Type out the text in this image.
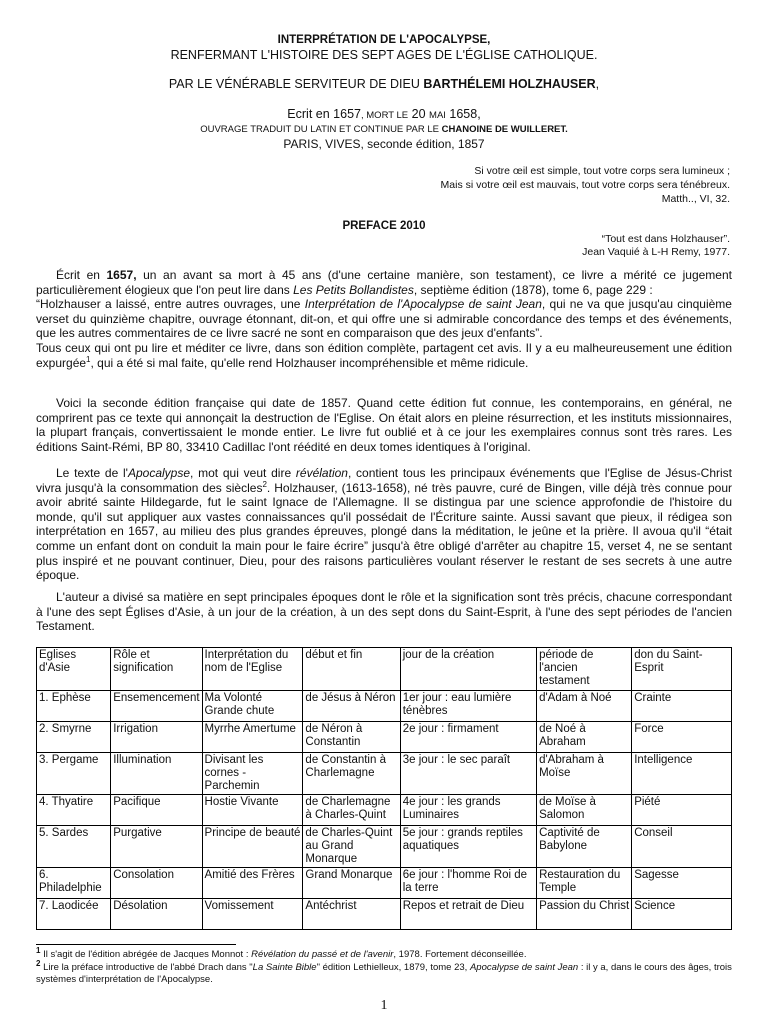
INTERPRÉTATION DE L'APOCALYPSE,
RENFERMANT L'HISTOIRE DES SEPT AGES DE L'ÉGLISE CATHOLIQUE.
PAR LE VÉNÉRABLE SERVITEUR DE DIEU BARTHÉLEMI HOLZHAUSER,
Ecrit en 1657, MORT LE 20 MAI 1658,
OUVRAGE TRADUIT DU LATIN ET CONTINUE PAR LE CHANOINE DE WUILLERET.
PARIS, VIVES, seconde édition, 1857
Si votre œil est simple, tout votre corps sera lumineux ;
Mais si votre œil est mauvais, tout votre corps sera ténébreux.
Matth.., VI, 32.
PREFACE 2010
“Tout est dans Holzhauser”.
Jean Vaquié à L-H Remy, 1977.

Écrit en 1657, un an avant sa mort à 45 ans (d'une certaine manière, son testament), ce livre a mérité ce jugement particulièrement élogieux que l'on peut lire dans Les Petits Bollandistes, septième édition (1878), tome 6, page 229 :

“Holzhauser a laissé, entre autres ouvrages, une Interprétation de l'Apocalypse de saint Jean, qui ne va que jusqu'au cinquième verset du quinzième chapitre, ouvrage étonnant, dit-on, et qui offre une si admirable concordance des temps et des événements, que les autres commentaires de ce livre sacré ne sont en comparaison que des jeux d'enfants”.

Tous ceux qui ont pu lire et méditer ce livre, dans son édition complète, partagent cet avis. Il y a eu malheureusement une édition expurgée$^1$, qui a été si mal faite, qu'elle rend Holzhauser incompréhensible et même ridicule.

Voici la seconde édition française qui date de 1857. Quand cette édition fut connue, les contemporains, en général, ne comprirent pas ce texte qui annonçait la destruction de l'Eglise. On était alors en pleine résurrection, et les instituts missionnaires, la plupart français, convertissaient le monde entier. Le livre fut oublié et à ce jour les exemplaires connus sont très rares. Les éditions Saint-Rémi, BP 80, 33410 Cadillac l'ont réédité en deux tomes identiques à l'original.

Le texte de l'Apocalypse, mot qui veut dire révélation, contient tous les principaux événements que l'Eglise de Jésus-Christ vivra jusqu'à la consommation des siècles$^2$. Holzhauser, (1613-1658), né très pauvre, curé de Bingen, ville déjà très connue pour avoir abrité sainte Hildegarde, fut le saint Ignace de l'Allemagne. Il se distingua par une science approfondie de l'histoire du monde, qu'il sut appliquer aux vastes connaissances qu'il possédait de l'Écriture sainte. Aussi savant que pieux, il rédigea son interprétation en 1657, au milieu des plus grandes épreuves, plongé dans la méditation, le jeûne et la prière. Il avoua qu'il “était comme un enfant dont on conduit la main pour le faire écrire” jusqu'à être obligé d'arrêter au chapitre 15, verset 4, ne se sentant plus inspiré et ne pouvant continuer, Dieu, pour des raisons particulières voulant réserver le restant de ses secrets à une autre époque.

L'auteur a divisé sa matière en sept principales époques dont le rôle et la signification sont très précis, chacune correspondant à l'une des sept Églises d'Asie, à un jour de la création, à un des sept dons du Saint-Esprit, à l'une des sept périodes de l'ancien Testament.

Eglises d'Asie	Rôle et signification	Interprétation du nom de l'Eglise	début et fin	jour de la création	période de l'ancien testament	don du Saint-Esprit
1. Ephèse	Ensemencement	Ma Volonté Grande chute	de Jésus à Néron	1er jour : eau lumière ténèbres	d'Adam à Noé	Crainte
2. Smyrne	Irrigation	Myrrhe Amertume	de Néron à Constantin	2e jour : firmament	de Noé à Abraham	Force
3. Pergame	Illumination	Divisant les cornes - Parchemin	de Constantin à Charlemagne	3e jour : le sec paraît	d'Abraham à Moïse	Intelligence
4. Thyatire	Pacifique	Hostie Vivante	de Charlemagne à Charles-Quint	4e jour : les grands Luminaires	de Moïse à Salomon	Piété
5. Sardes	Purgative	Principe de beauté	de Charles-Quint au Grand Monarque	5e jour : grands reptiles aquatiques	Captivité de Babylone	Conseil
6. Philadelphie	Consolation	Amitié des Frères	Grand Monarque	6e jour : l'homme Roi de la terre	Restauration du Temple	Sagesse
7. Laodicée	Désolation	Vomissement	Antéchrist	Repos et retrait de Dieu	Passion du Christ	Science
$^1$ Il s'agit de l'édition abrégée de Jacques Monnot : Révélation du passé et de l'avenir, 1978. Fortement déconseillée.
$^2$ Lire la préface introductive de l'abbé Drach dans "La Sainte Bible" édition Lethielleux, 1879, tome 23, Apocalypse de saint Jean : il y a, dans le cours des âges, trois systèmes d'interprétation de l'Apocalypse.
1
